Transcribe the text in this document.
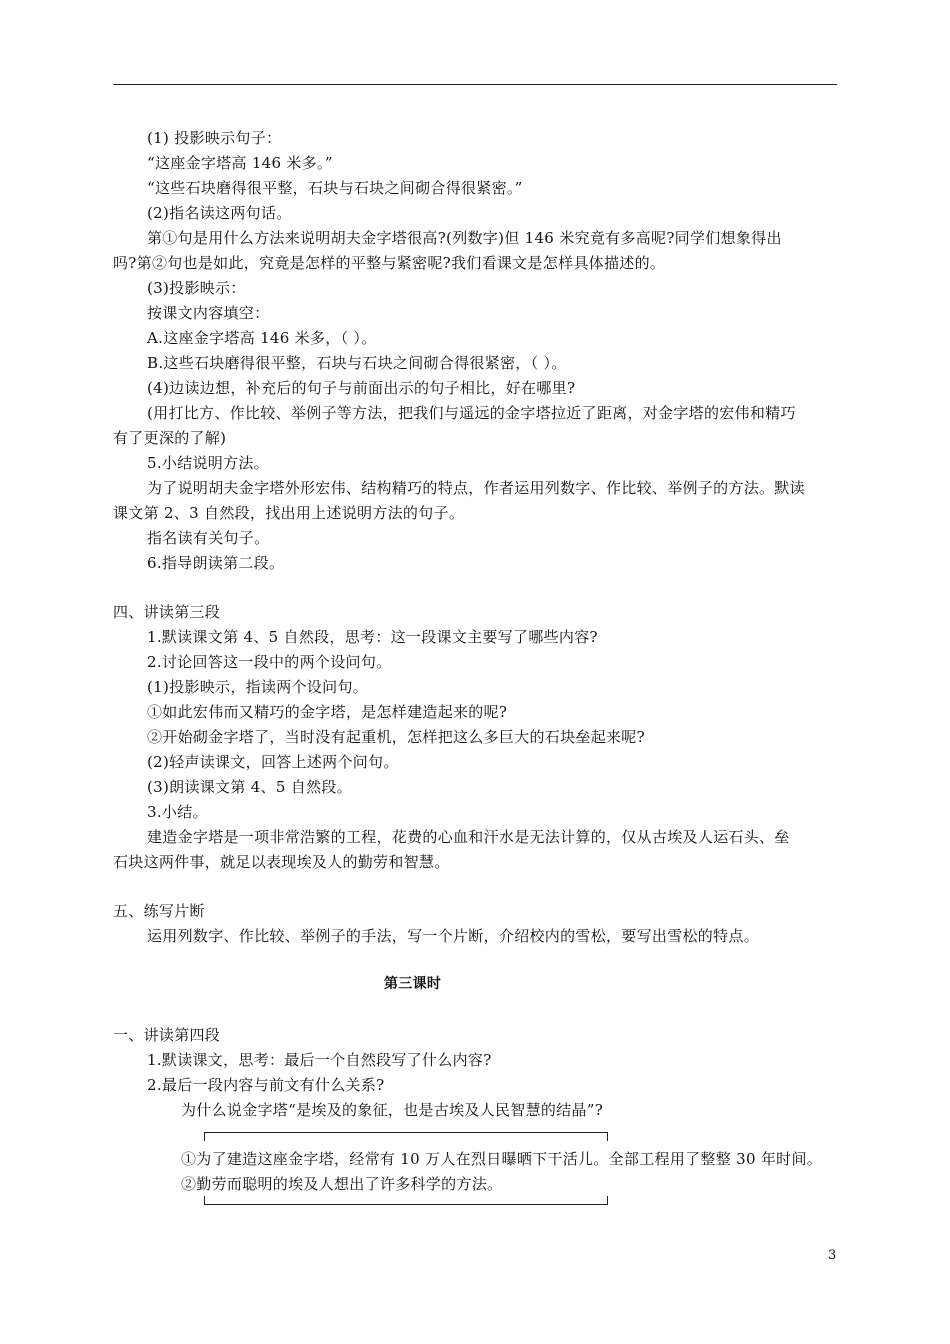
(1) 投影映示句子：
“这座金字塔高 146 米多。”
“这些石块磨得很平整，石块与石块之间砌合得很紧密。”
(2)指名读这两句话。
第①句是用什么方法来说明胡夫金字塔很高?(列数字)但 146 米究竟有多高呢?同学们想象得出
吗?第②句也是如此，究竟是怎样的平整与紧密呢?我们看课文是怎样具体描述的。
(3)投影映示：
按课文内容填空：
A.这座金字塔高 146 米多，（ ）。
B.这些石块磨得很平整，石块与石块之间砌合得很紧密，（ ）。
(4)边读边想，补充后的句子与前面出示的句子相比，好在哪里?
(用打比方、作比较、举例子等方法，把我们与遥远的金字塔拉近了距离，对金字塔的宏伟和精巧
有了更深的了解)
5.小结说明方法。
为了说明胡夫金字塔外形宏伟、结构精巧的特点，作者运用列数字、作比较、举例子的方法。默读
课文第 2、3 自然段，找出用上述说明方法的句子。
指名读有关句子。
6.指导朗读第二段。
四、讲读第三段
1.默读课文第 4、5 自然段，思考：这一段课文主要写了哪些内容?
2.讨论回答这一段中的两个设问句。
(1)投影映示，指读两个设问句。
①如此宏伟而又精巧的金字塔，是怎样建造起来的呢?
②开始砌金字塔了，当时没有起重机，怎样把这么多巨大的石块垒起来呢?
(2)轻声读课文，回答上述两个问句。
(3)朗读课文第 4、5 自然段。
3.小结。
建造金字塔是一项非常浩繁的工程，花费的心血和汗水是无法计算的，仅从古埃及人运石头、垒
石块这两件事，就足以表现埃及人的勤劳和智慧。
五、练写片断
运用列数字、作比较、举例子的手法，写一个片断，介绍校内的雪松，要写出雪松的特点。
第三课时
一、讲读第四段
1.默读课文，思考：最后一个自然段写了什么内容?
2.最后一段内容与前文有什么关系?
为什么说金字塔“是埃及的象征，也是古埃及人民智慧的结晶”?
①为了建造这座金字塔，经常有 10 万人在烈日曝晒下干活儿。全部工程用了整整 30 年时间。
②勤劳而聪明的埃及人想出了许多科学的方法。
3
